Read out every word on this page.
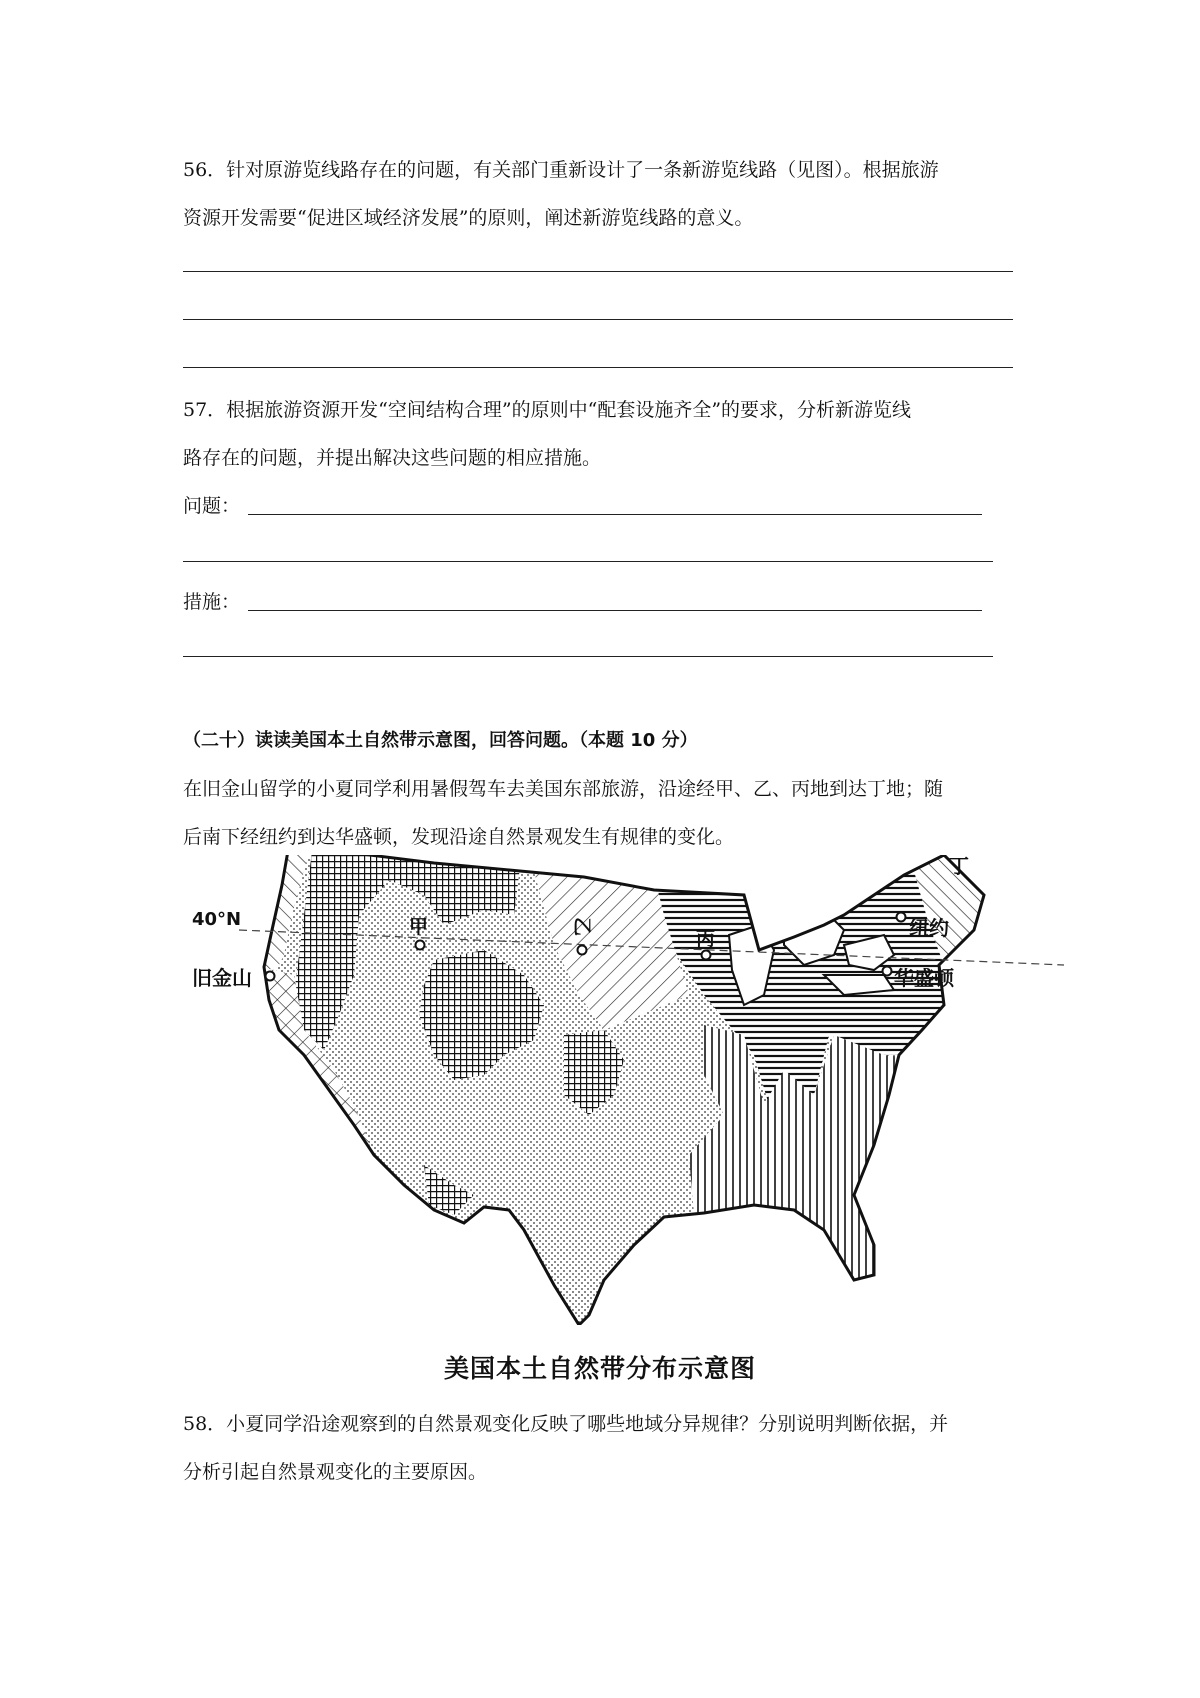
56．针对原游览线路存在的问题，有关部门重新设计了一条新游览线路（见图）。根据旅游
资源开发需要“促进区域经济发展”的原则，阐述新游览线路的意义。
57．根据旅游资源开发“空间结构合理”的原则中“配套设施齐全”的要求，分析新游览线
路存在的问题，并提出解决这些问题的相应措施。
问题：
措施：
（二十）读读美国本土自然带示意图，回答问题。（本题 10 分）
在旧金山留学的小夏同学利用暑假驾车去美国东部旅游，沿途经甲、乙、丙地到达丁地；随
后南下经纽约到达华盛顿，发现沿途自然景观发生有规律的变化。
40°N	甲	乙
丙
丁
纽约
华盛顿
旧金山
美国本土自然带分布示意图
58．小夏同学沿途观察到的自然景观变化反映了哪些地域分异规律？分别说明判断依据，并
分析引起自然景观变化的主要原因。
